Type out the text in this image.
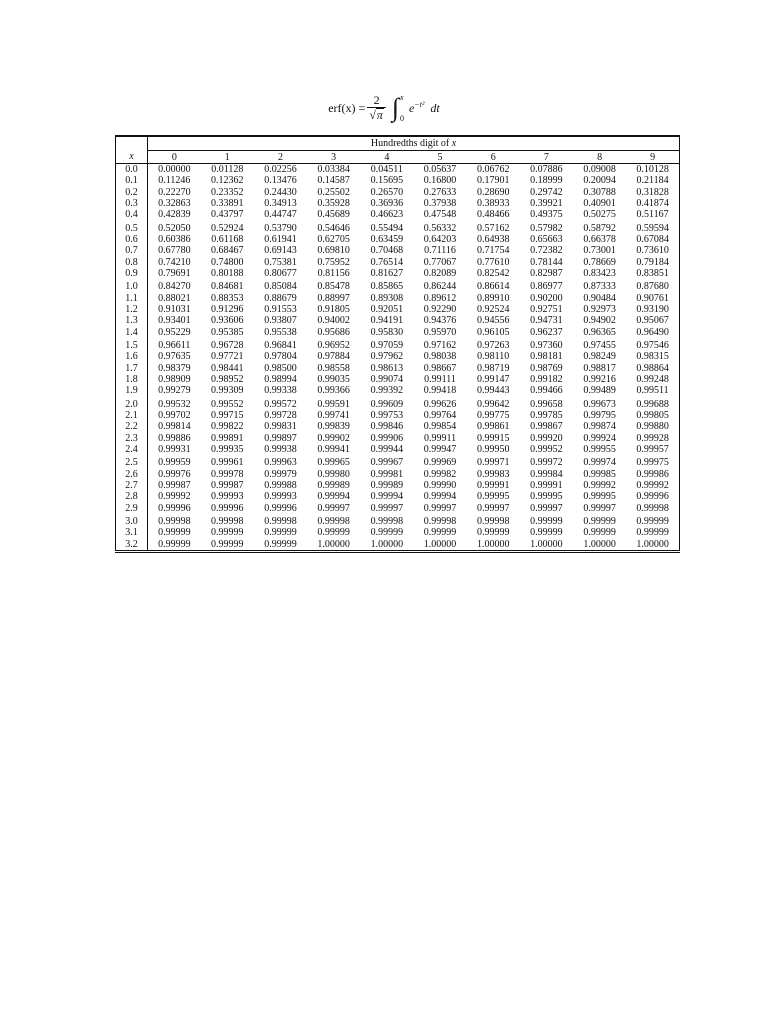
$erf(x) = \frac{2}{√ \pi}$ ∫ x
0
$e^{-t^2}$ dt
	Hundredths digit of x									
x	0	1	2	3	4	5	6	7	8	9
0.0	0.00000	0.01128	0.02256	0.03384	0.04511	0.05637	0.06762	0.07886	0.09008	0.10128
0.1	0.11246	0.12362	0.13476	0.14587	0.15695	0.16800	0.17901	0.18999	0.20094	0.21184
0.2	0.22270	0.23352	0.24430	0.25502	0.26570	0.27633	0.28690	0.29742	0.30788	0.31828
0.3	0.32863	0.33891	0.34913	0.35928	0.36936	0.37938	0.38933	0.39921	0.40901	0.41874
0.4	0.42839	0.43797	0.44747	0.45689	0.46623	0.47548	0.48466	0.49375	0.50275	0.51167
0.5	0.52050	0.52924	0.53790	0.54646	0.55494	0.56332	0.57162	0.57982	0.58792	0.59594
0.6	0.60386	0.61168	0.61941	0.62705	0.63459	0.64203	0.64938	0.65663	0.66378	0.67084
0.7	0.67780	0.68467	0.69143	0.69810	0.70468	0.71116	0.71754	0.72382	0.73001	0.73610
0.8	0.74210	0.74800	0.75381	0.75952	0.76514	0.77067	0.77610	0.78144	0.78669	0.79184
0.9	0.79691	0.80188	0.80677	0.81156	0.81627	0.82089	0.82542	0.82987	0.83423	0.83851
1.0	0.84270	0.84681	0.85084	0.85478	0.85865	0.86244	0.86614	0.86977	0.87333	0.87680
1.1	0.88021	0.88353	0.88679	0.88997	0.89308	0.89612	0.89910	0.90200	0.90484	0.90761
1.2	0.91031	0.91296	0.91553	0.91805	0.92051	0.92290	0.92524	0.92751	0.92973	0.93190
1.3	0.93401	0.93606	0.93807	0.94002	0.94191	0.94376	0.94556	0.94731	0.94902	0.95067
1.4	0.95229	0.95385	0.95538	0.95686	0.95830	0.95970	0.96105	0.96237	0.96365	0.96490
1.5	0.96611	0.96728	0.96841	0.96952	0.97059	0.97162	0.97263	0.97360	0.97455	0.97546
1.6	0.97635	0.97721	0.97804	0.97884	0.97962	0.98038	0.98110	0.98181	0.98249	0.98315
1.7	0.98379	0.98441	0.98500	0.98558	0.98613	0.98667	0.98719	0.98769	0.98817	0.98864
1.8	0.98909	0.98952	0.98994	0.99035	0.99074	0.99111	0.99147	0.99182	0.99216	0.99248
1.9	0.99279	0.99309	0.99338	0.99366	0.99392	0.99418	0.99443	0.99466	0.99489	0.99511
2.0	0.99532	0.99552	0.99572	0.99591	0.99609	0.99626	0.99642	0.99658	0.99673	0.99688
2.1	0.99702	0.99715	0.99728	0.99741	0.99753	0.99764	0.99775	0.99785	0.99795	0.99805
2.2	0.99814	0.99822	0.99831	0.99839	0.99846	0.99854	0.99861	0.99867	0.99874	0.99880
2.3	0.99886	0.99891	0.99897	0.99902	0.99906	0.99911	0.99915	0.99920	0.99924	0.99928
2.4	0.99931	0.99935	0.99938	0.99941	0.99944	0.99947	0.99950	0.99952	0.99955	0.99957
2.5	0.99959	0.99961	0.99963	0.99965	0.99967	0.99969	0.99971	0.99972	0.99974	0.99975
2.6	0.99976	0.99978	0.99979	0.99980	0.99981	0.99982	0.99983	0.99984	0.99985	0.99986
2.7	0.99987	0.99987	0.99988	0.99989	0.99989	0.99990	0.99991	0.99991	0.99992	0.99992
2.8	0.99992	0.99993	0.99993	0.99994	0.99994	0.99994	0.99995	0.99995	0.99995	0.99996
2.9	0.99996	0.99996	0.99996	0.99997	0.99997	0.99997	0.99997	0.99997	0.99997	0.99998
3.0	0.99998	0.99998	0.99998	0.99998	0.99998	0.99998	0.99998	0.99999	0.99999	0.99999
3.1	0.99999	0.99999	0.99999	0.99999	0.99999	0.99999	0.99999	0.99999	0.99999	0.99999
3.2	0.99999	0.99999	0.99999	1.00000	1.00000	1.00000	1.00000	1.00000	1.00000	1.00000
